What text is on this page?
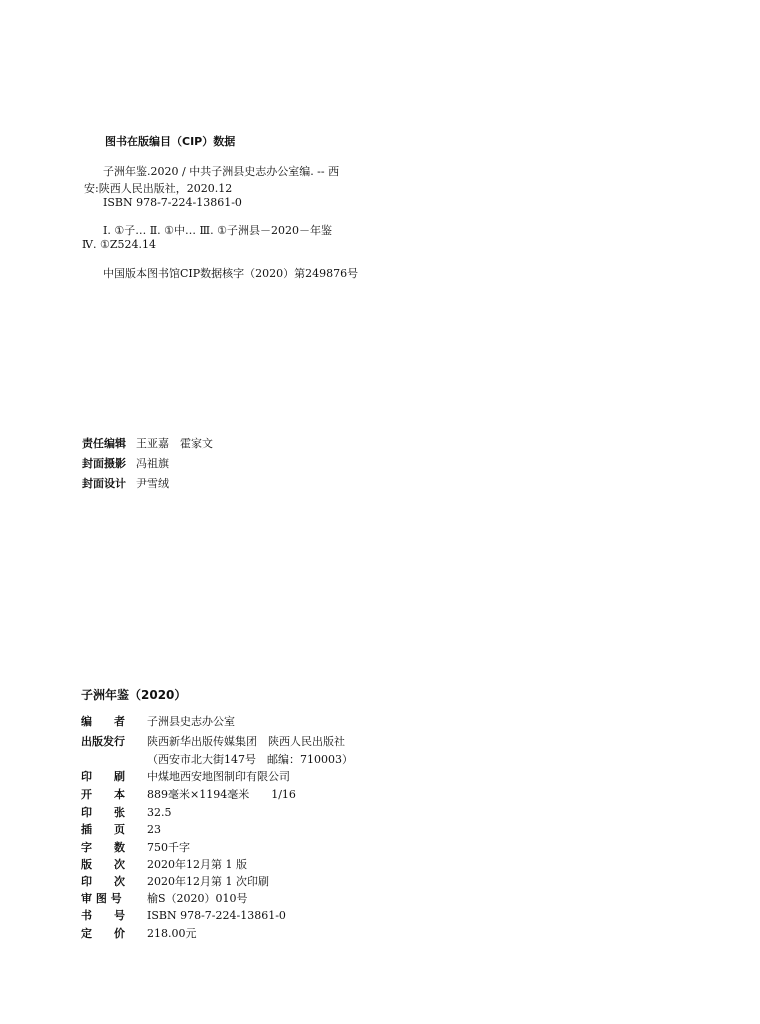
图书在版编目（CIP）数据
子洲年鉴.2020 / 中共子洲县史志办公室编. -- 西
安:陕西人民出版社，2020.12
ISBN 978-7-224-13861-0
Ⅰ. ①子… Ⅱ. ①中… Ⅲ. ①子洲县－2020－年鉴
Ⅳ. ①Z524.14
中国版本图书馆CIP数据核字（2020）第249876号
责任编辑 王亚嘉　霍家文
封面摄影 冯祖旗
封面设计 尹雪绒
子洲年鉴（2020）
编　　者 子洲县史志办公室
出版发行 陕西新华出版传媒集团　陕西人民出版社
（西安市北大街147号　邮编：710003）
印　　刷 中煤地西安地图制印有限公司
开　　本 889毫米×1194毫米　　1/16
印　　张 32.5
插　　页 23
字　　数 750千字
版　　次 2020年12月第 1 版
印　　次 2020年12月第 1 次印刷
审 图 号 榆S（2020）010号
书　　号 ISBN 978-7-224-13861-0
定　　价 218.00元
